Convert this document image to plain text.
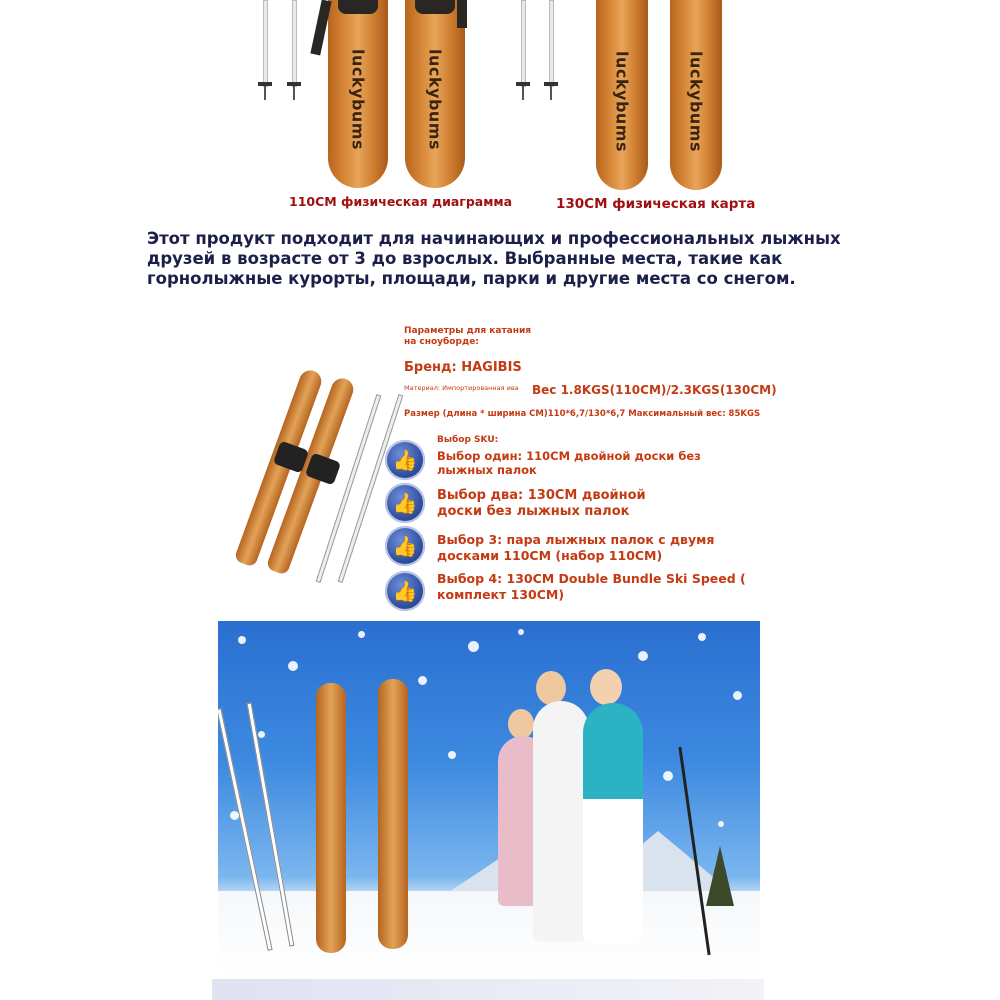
luckybums	luckybums	luckybums	luckybums
110CM физическая диаграмма	130CM физическая карта
Этот продукт подходит для начинающих и профессиональных лыжных друзей в возрасте от 3 до взрослых. Выбранные места, такие как горнолыжные курорты, площади, парки и другие места со снегом.
Параметры для катания на сноуборде:
Бренд: HAGIBIS
Материал: Импортированная ива Вес 1.8KGS(110CM)/2.3KGS(130CM)
Размер (длина * ширина CM)110*6,7/130*6,7 Максимальный вес: 85KGS
Выбор SKU:
👍	Выбор один: 110CM двойной доски без лыжных палок
👍	Выбор два: 130CM двойной доски без лыжных палок
👍	Выбор 3: пара лыжных палок с двумя досками 110CM (набор 110CM)
👍
Выбор 4: 130CM Double Bundle Ski Speed ( комплект 130CM)
